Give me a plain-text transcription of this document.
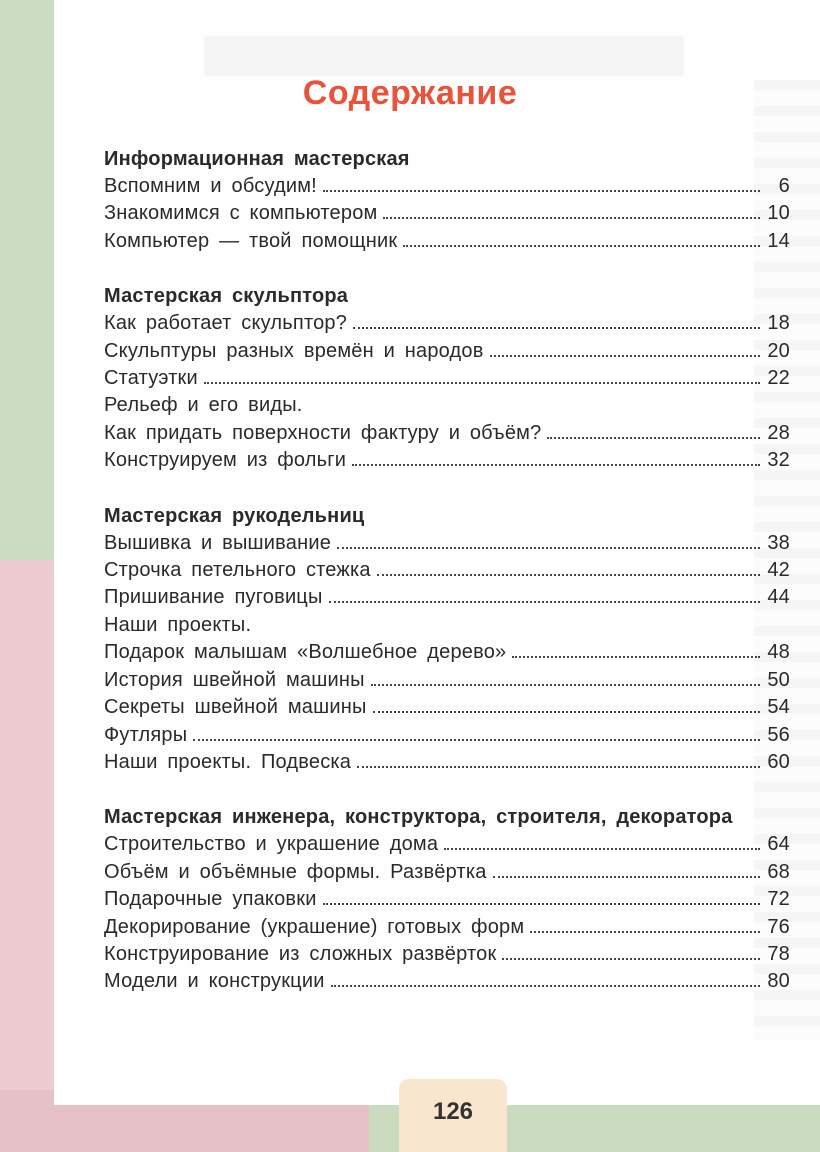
Содержание
Информационная мастерская
Вспомним и обсудим!	6
Знакомимся с компьютером	10
Компьютер — твой помощник	14
Мастерская скульптора
Как работает скульптор?	18
Скульптуры разных времён и народов	20
Статуэтки	22
Рельеф и его виды.
Как придать поверхности фактуру и объём?	28
Конструируем из фольги	32
Мастерская рукодельниц
Вышивка и вышивание	38
Строчка петельного стежка	42
Пришивание пуговицы	44
Наши проекты.
Подарок малышам «Волшебное дерево»	48
История швейной машины	50
Секреты швейной машины	54
Футляры	56
Наши проекты. Подвеска	60
Мастерская инженера, конструктора, строителя, декоратора
Строительство и украшение дома	64
Объём и объёмные формы. Развёртка	68
Подарочные упаковки	72
Декорирование (украшение) готовых форм	76
Конструирование из сложных развёрток	78
Модели и конструкции	80
126
